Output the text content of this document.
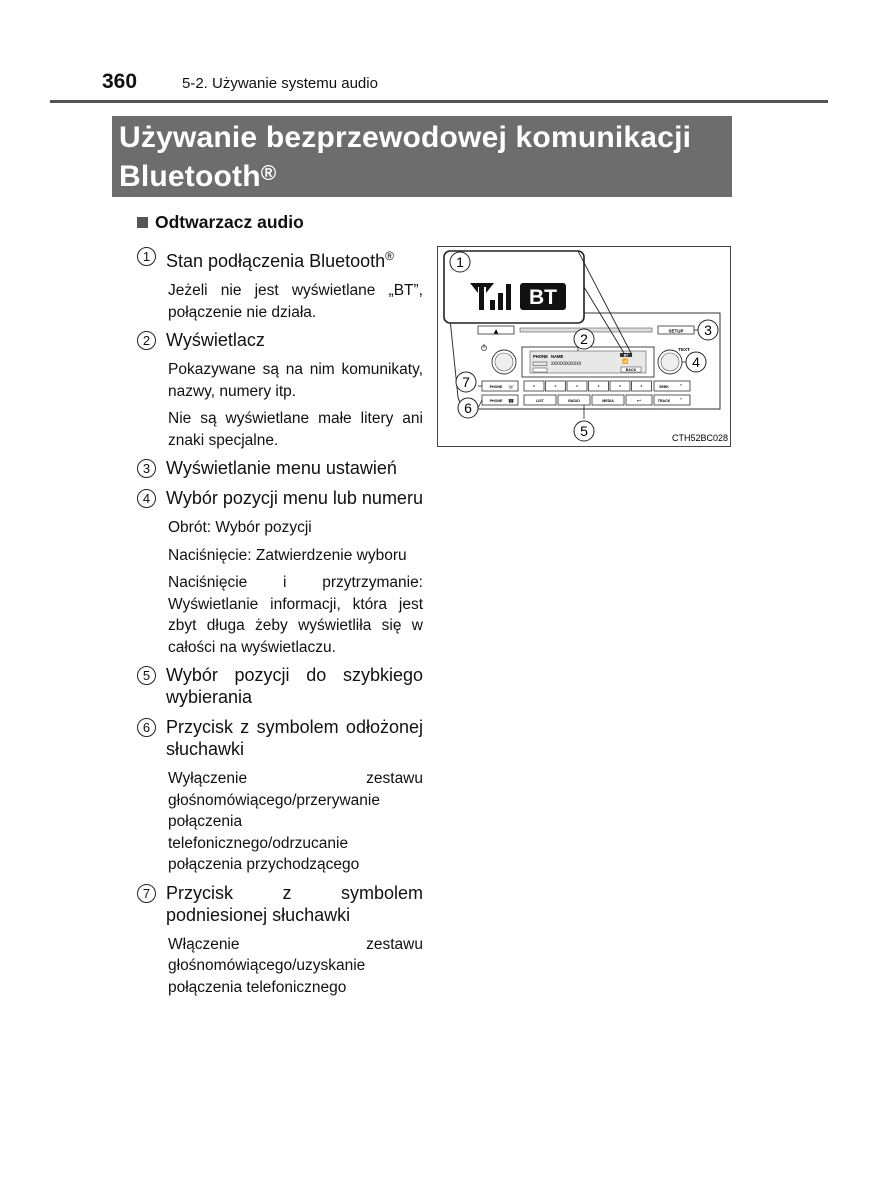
360	5-2. Używanie systemu audio
Używanie bezprzewodowej komunikacji
Bluetooth®
Odtwarzacz audio
1 Stan podłączenia Bluetooth®
Jeżeli nie jest wyświetlane „BT”, połączenie nie działa.
2 Wyświetlacz
Pokazywane są na nim komunikaty, nazwy, numery itp.
Nie są wyświetlane małe litery ani znaki specjalne.
3 Wyświetlanie menu ustawień
4 Wybór pozycji menu lub numeru
Obrót: Wybór pozycji
Naciśnięcie: Zatwierdzenie wyboru
Naciśnięcie i przytrzymanie: Wyświetlanie informacji, która jest zbyt długa żeby wyświetliła się w całości na wyświetlaczu.
5 Wybór pozycji do szybkiego wybierania
6 Przycisk z symbolem odłożonej słuchawki
Wyłączenie zestawu głośnomówiącego/przerywanie połączenia telefonicznego/odrzucanie połączenia przychodzącego
7 Przycisk z symbolem podniesionej słuchawki
Włączenie zestawu głośnomówiącego/uzyskanie połączenia telefonicznego
▲	SETUP
TEXT
PHONE NAME
XXXXXXXXXXXX
BT
📶
BACK
PHONE ☏	SEEK ˄
PHONE ☎	LIST	RADIO	MEDIA	↩	TRACK ˅
BT
1
2
3
4
5
6
7
CTH52BC028
